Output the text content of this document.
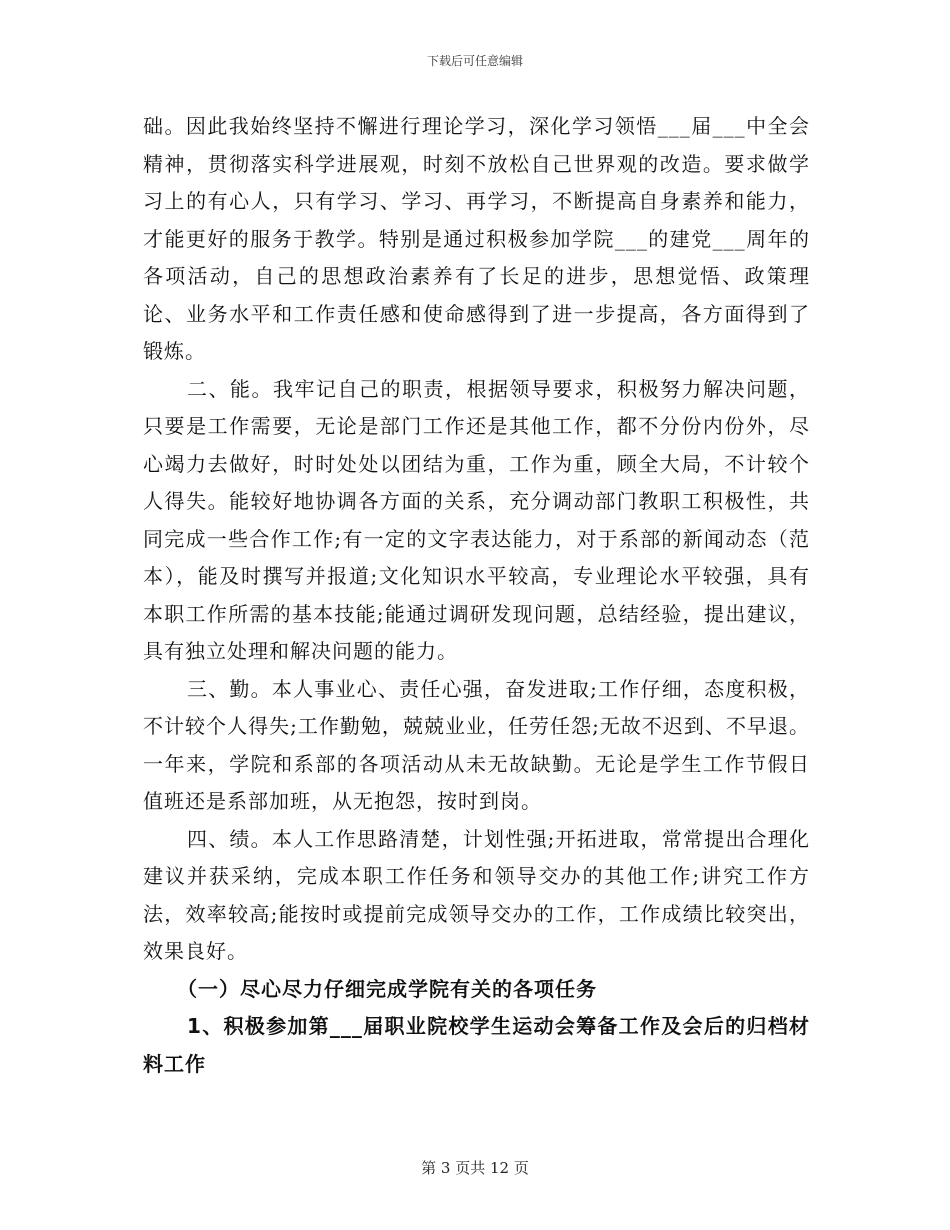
下载后可任意编辑

础。因此我始终坚持不懈进行理论学习，深化学习领悟___届___中全会精神，贯彻落实科学进展观，时刻不放松自己世界观的改造。要求做学习上的有心人，只有学习、学习、再学习，不断提高自身素养和能力，才能更好的服务于教学。特别是通过积极参加学院___的建党___周年的各项活动，自己的思想政治素养有了长足的进步，思想觉悟、政策理论、业务水平和工作责任感和使命感得到了进一步提高，各方面得到了锻炼。

二、能。我牢记自己的职责，根据领导要求，积极努力解决问题，只要是工作需要，无论是部门工作还是其他工作，都不分份内份外，尽心竭力去做好，时时处处以团结为重，工作为重，顾全大局，不计较个人得失。能较好地协调各方面的关系，充分调动部门教职工积极性，共同完成一些合作工作;有一定的文字表达能力，对于系部的新闻动态（范本），能及时撰写并报道;文化知识水平较高，专业理论水平较强，具有本职工作所需的基本技能;能通过调研发现问题，总结经验，提出建议，具有独立处理和解决问题的能力。

三、勤。本人事业心、责任心强，奋发进取;工作仔细，态度积极，不计较个人得失;工作勤勉，兢兢业业，任劳任怨;无故不迟到、不早退。一年来，学院和系部的各项活动从未无故缺勤。无论是学生工作节假日值班还是系部加班，从无抱怨，按时到岗。

四、绩。本人工作思路清楚，计划性强;开拓进取，常常提出合理化建议并获采纳，完成本职工作任务和领导交办的其他工作;讲究工作方法，效率较高;能按时或提前完成领导交办的工作，工作成绩比较突出，效果良好。

（一）尽心尽力仔细完成学院有关的各项任务

1、积极参加第___届职业院校学生运动会筹备工作及会后的归档材料工作

第 3 页共 12 页
